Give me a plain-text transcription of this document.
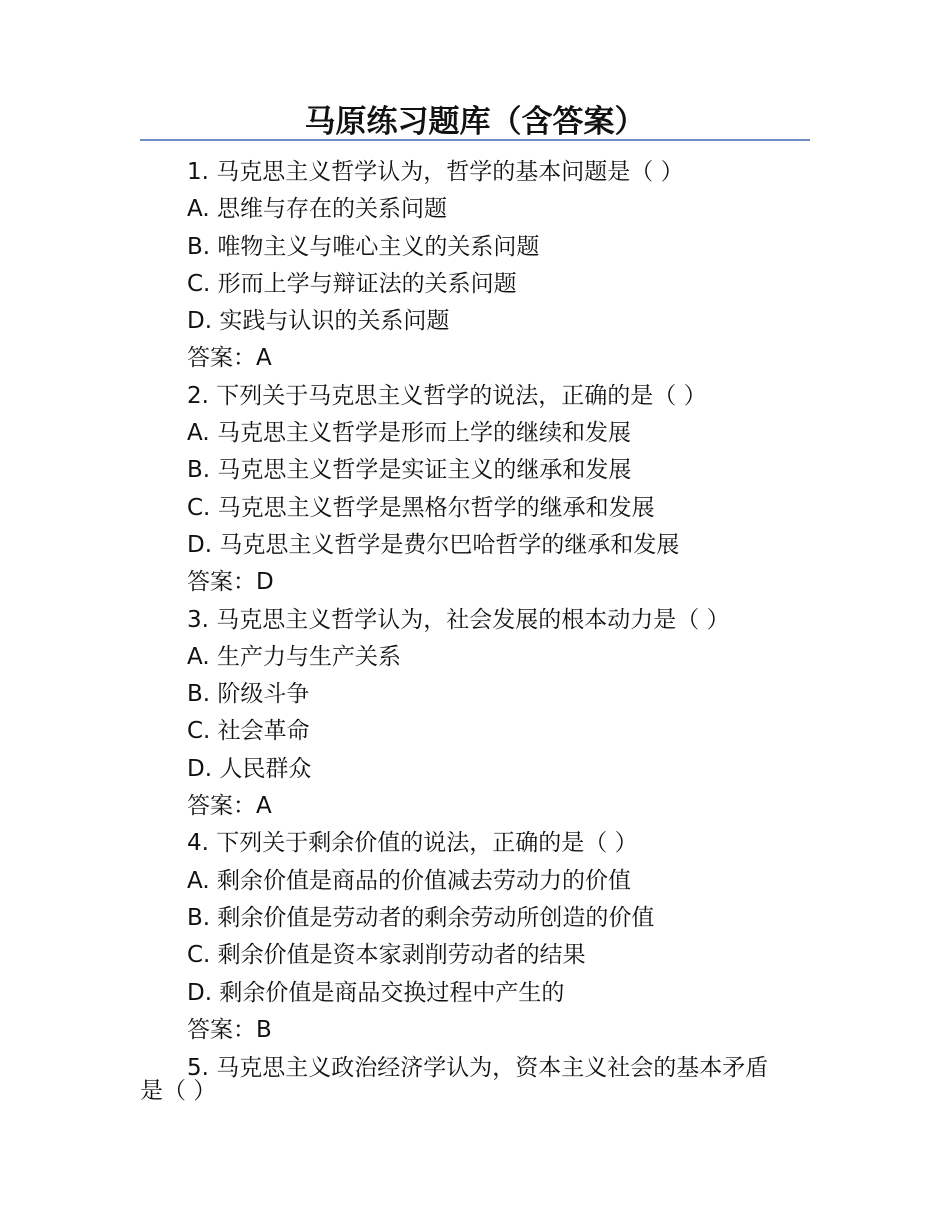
马原练习题库（含答案）
1. 马克思主义哲学认为，哲学的基本问题是（ ）
A. 思维与存在的关系问题
B. 唯物主义与唯心主义的关系问题
C. 形而上学与辩证法的关系问题
D. 实践与认识的关系问题
答案：A
2. 下列关于马克思主义哲学的说法，正确的是（ ）
A. 马克思主义哲学是形而上学的继续和发展
B. 马克思主义哲学是实证主义的继承和发展
C. 马克思主义哲学是黑格尔哲学的继承和发展
D. 马克思主义哲学是费尔巴哈哲学的继承和发展
答案：D
3. 马克思主义哲学认为，社会发展的根本动力是（ ）
A. 生产力与生产关系
B. 阶级斗争
C. 社会革命
D. 人民群众
答案：A
4. 下列关于剩余价值的说法，正确的是（ ）
A. 剩余价值是商品的价值减去劳动力的价值
B. 剩余价值是劳动者的剩余劳动所创造的价值
C. 剩余价值是资本家剥削劳动者的结果
D. 剩余价值是商品交换过程中产生的
答案：B
5. 马克思主义政治经济学认为，资本主义社会的基本矛盾
是（ ）
